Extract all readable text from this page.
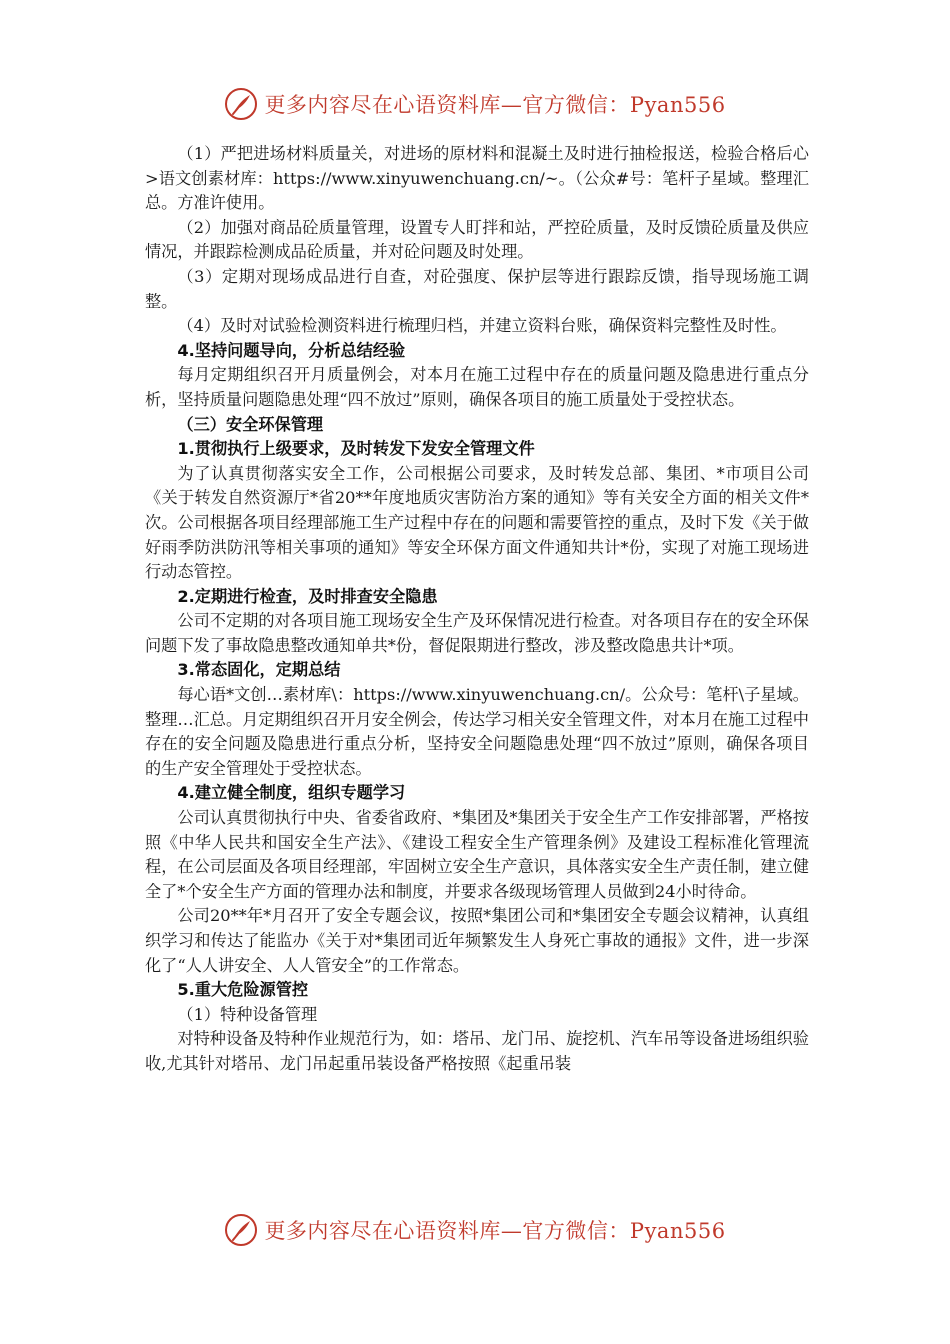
更多内容尽在心语资料库—官方微信：Pyan556

（1）严把进场材料质量关，对进场的原材料和混凝土及时进行抽检报送，检验合格后心>语文创素材库：https://www.xinyuwenchuang.cn/~。（公众#号：笔杆子星域。整理汇总。方准许使用。

（2）加强对商品砼质量管理，设置专人盯拌和站，严控砼质量，及时反馈砼质量及供应情况，并跟踪检测成品砼质量，并对砼问题及时处理。

（3）定期对现场成品进行自查，对砼强度、保护层等进行跟踪反馈，指导现场施工调整。

（4）及时对试验检测资料进行梳理归档，并建立资料台账，确保资料完整性及时性。

4.坚持问题导向，分析总结经验

每月定期组织召开月质量例会，对本月在施工过程中存在的质量问题及隐患进行重点分析，坚持质量问题隐患处理“四不放过”原则，确保各项目的施工质量处于受控状态。

（三）安全环保管理

1.贯彻执行上级要求，及时转发下发安全管理文件

为了认真贯彻落实安全工作，公司根据公司要求，及时转发总部、集团、*市项目公司《关于转发自然资源厅*省20**年度地质灾害防治方案的通知》等有关安全方面的相关文件*次。公司根据各项目经理部施工生产过程中存在的问题和需要管控的重点，及时下发《关于做好雨季防洪防汛等相关事项的通知》等安全环保方面文件通知共计*份，实现了对施工现场进行动态管控。

2.定期进行检查，及时排查安全隐患

公司不定期的对各项目施工现场安全生产及环保情况进行检查。对各项目存在的安全环保问题下发了事故隐患整改通知单共*份，督促限期进行整改，涉及整改隐患共计*项。

3.常态固化，定期总结

每心语*文创…素材库\：https://www.xinyuwenchuang.cn/。公众号：笔杆\子星域。整理…汇总。月定期组织召开月安全例会，传达学习相关安全管理文件，对本月在施工过程中存在的安全问题及隐患进行重点分析，坚持安全问题隐患处理“四不放过”原则，确保各项目的生产安全管理处于受控状态。

4.建立健全制度，组织专题学习

公司认真贯彻执行中央、省委省政府、*集团及*集团关于安全生产工作安排部署，严格按照《中华人民共和国安全生产法》、《建设工程安全生产管理条例》及建设工程标准化管理流程，在公司层面及各项目经理部，牢固树立安全生产意识，具体落实安全生产责任制，建立健全了*个安全生产方面的管理办法和制度，并要求各级现场管理人员做到24小时待命。

公司20**年*月召开了安全专题会议，按照*集团公司和*集团安全专题会议精神，认真组织学习和传达了能监办《关于对*集团司近年频繁发生人身死亡事故的通报》文件，进一步深化了“人人讲安全、人人管安全”的工作常态。

5.重大危险源管控

（1）特种设备管理

对特种设备及特种作业规范行为，如：塔吊、龙门吊、旋挖机、汽车吊等设备进场组织验收,尤其针对塔吊、龙门吊起重吊装设备严格按照《起重吊装

更多内容尽在心语资料库—官方微信：Pyan556
